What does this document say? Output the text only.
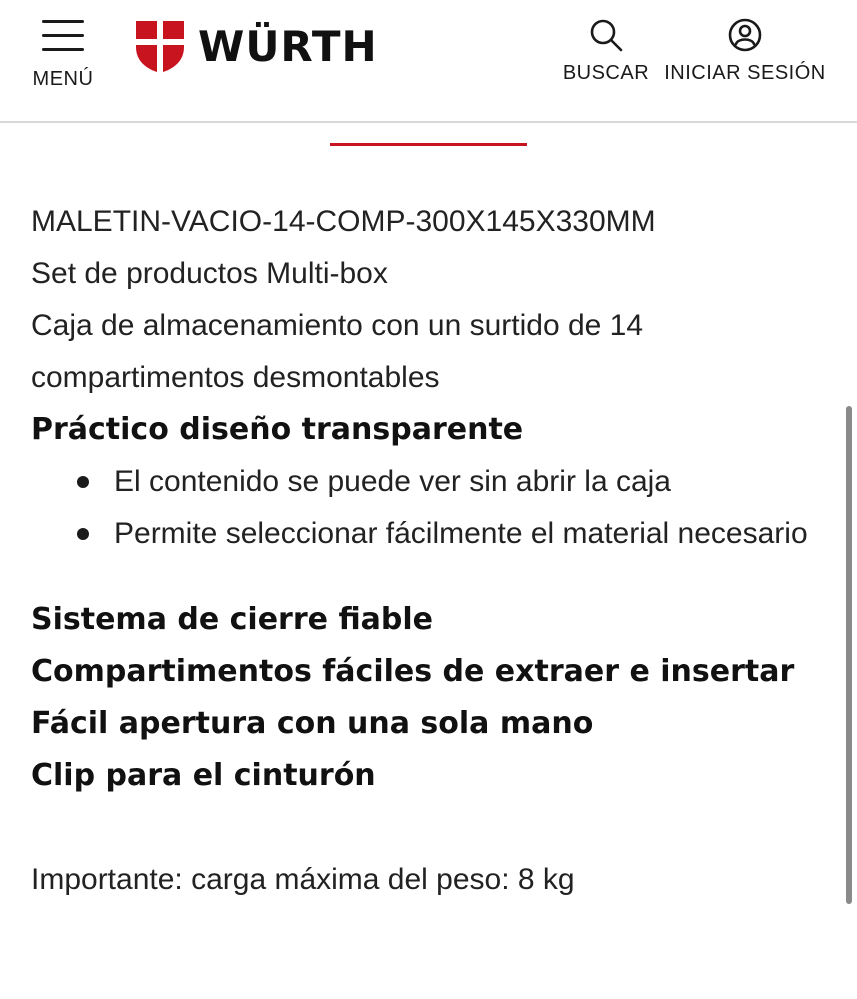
MENÚ
WÜRTH
BUSCAR INICIAR SESIÓN

MALETIN-VACIO-14-COMP-300X145X330MM

Set de productos Multi-box

Caja de almacenamiento con un surtido de 14 compartimentos desmontables

Práctico diseño transparente

El contenido se puede ver sin abrir la caja
Permite seleccionar fácilmente el material necesario

Sistema de cierre fiable

Compartimentos fáciles de extraer e insertar

Fácil apertura con una sola mano

Clip para el cinturón

Importante: carga máxima del peso: 8 kg
